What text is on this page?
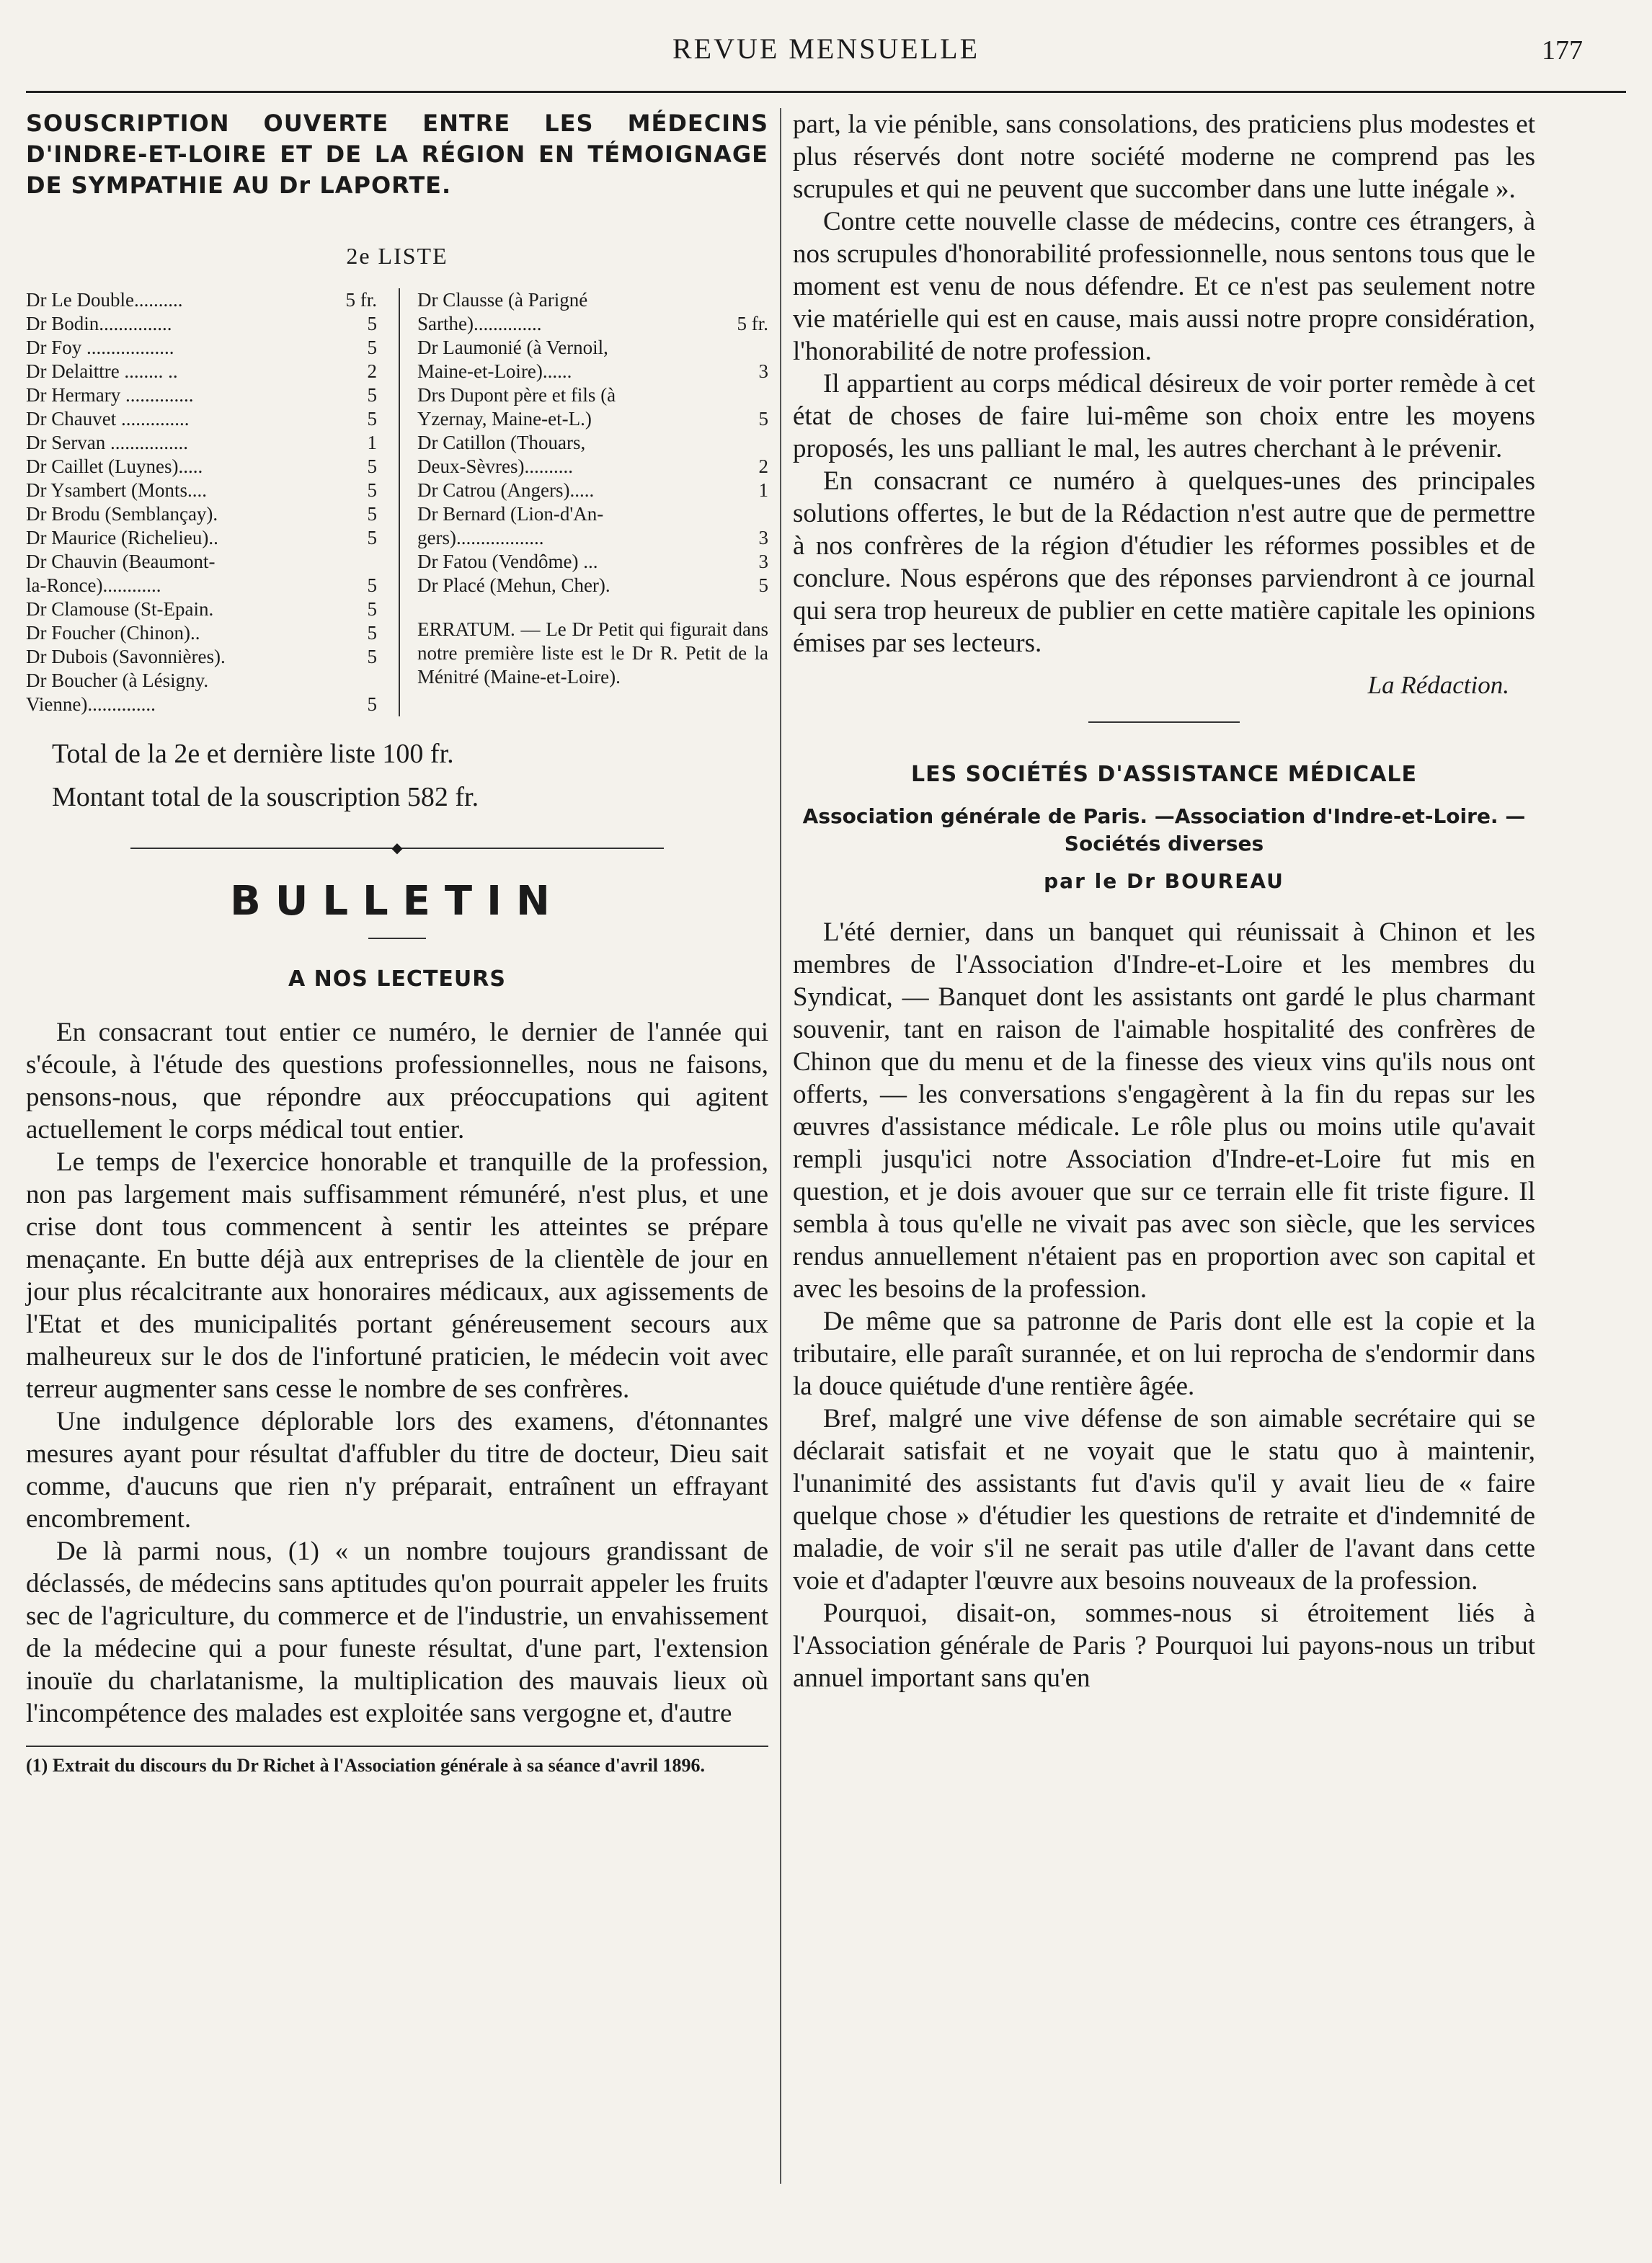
REVUE MENSUELLE	177
SOUSCRIPTION OUVERTE ENTRE LES MÉDECINS D'INDRE-ET-LOIRE ET DE LA RÉGION EN TÉMOIGNAGE DE SYMPATHIE AU Dr LAPORTE.
2e LISTE
Dr Le Double..........	5 fr.
Dr Bodin...............	5
Dr Foy ..................	5
Dr Delaittre ........ ..	2
Dr Hermary ..............	5
Dr Chauvet ..............	5
Dr Servan ................	1
Dr Caillet (Luynes).....	5
Dr Ysambert (Monts....	5
Dr Brodu (Semblançay).	5
Dr Maurice (Richelieu)..	5
Dr Chauvin (Beaumont-
la-Ronce)............	5
Dr Clamouse (St-Epain.	5
Dr Foucher (Chinon)..	5
Dr Dubois (Savonnières).	5
Dr Boucher (à Lésigny.
Vienne)..............	5
Dr Clausse (à Parigné
Sarthe)..............	5 fr.
Dr Laumonié (à Vernoil,
Maine-et-Loire)......	3
Drs Dupont père et fils (à
Yzernay, Maine-et-L.)	5
Dr Catillon (Thouars,
Deux-Sèvres)..........	2
Dr Catrou (Angers).....	1
Dr Bernard (Lion-d'An-
gers)..................	3
Dr Fatou (Vendôme) ...	3
Dr Placé (Mehun, Cher).	5
ERRATUM. — Le Dr Petit qui figurait dans notre première liste est le Dr R. Petit de la Ménitré (Maine-et-Loire).
Total de la 2e et dernière liste 100 fr.
Montant total de la souscription 582 fr.
◆
BULLETIN
A NOS LECTEURS

En consacrant tout entier ce numéro, le dernier de l'année qui s'écoule, à l'étude des questions professionnelles, nous ne faisons, pensons-nous, que répondre aux préoccupations qui agitent actuellement le corps médical tout entier.

Le temps de l'exercice honorable et tranquille de la profession, non pas largement mais suffisamment rémunéré, n'est plus, et une crise dont tous commencent à sentir les atteintes se prépare menaçante. En butte déjà aux entreprises de la clientèle de jour en jour plus récalcitrante aux honoraires médicaux, aux agissements de l'Etat et des municipalités portant généreusement secours aux malheureux sur le dos de l'infortuné praticien, le médecin voit avec terreur augmenter sans cesse le nombre de ses confrères.

Une indulgence déplorable lors des examens, d'étonnantes mesures ayant pour résultat d'affubler du titre de docteur, Dieu sait comme, d'aucuns que rien n'y préparait, entraînent un effrayant encombrement.

De là parmi nous, (1) « un nombre toujours grandissant de déclassés, de médecins sans aptitudes qu'on pourrait appeler les fruits sec de l'agriculture, du commerce et de l'industrie, un envahissement de la médecine qui a pour funeste résultat, d'une part, l'extension inouïe du charlatanisme, la multiplication des mauvais lieux où l'incompétence des malades est exploitée sans vergogne et, d'autre

(1) Extrait du discours du Dr Richet à l'Association générale à sa séance d'avril 1896.

part, la vie pénible, sans consolations, des praticiens plus modestes et plus réservés dont notre société moderne ne comprend pas les scrupules et qui ne peuvent que succomber dans une lutte inégale ».

Contre cette nouvelle classe de médecins, contre ces étrangers, à nos scrupules d'honorabilité professionnelle, nous sentons tous que le moment est venu de nous défendre. Et ce n'est pas seulement notre vie matérielle qui est en cause, mais aussi notre propre considération, l'honorabilité de notre profession.

Il appartient au corps médical désireux de voir porter remède à cet état de choses de faire lui-même son choix entre les moyens proposés, les uns palliant le mal, les autres cherchant à le prévenir.

En consacrant ce numéro à quelques-unes des principales solutions offertes, le but de la Rédaction n'est autre que de permettre à nos confrères de la région d'étudier les réformes possibles et de conclure. Nous espérons que des réponses parviendront à ce journal qui sera trop heureux de publier en cette matière capitale les opinions émises par ses lecteurs.

La Rédaction.
LES SOCIÉTÉS D'ASSISTANCE MÉDICALE
Association générale de Paris. —Association d'Indre-et-Loire. — Sociétés diverses
par le Dr BOUREAU

L'été dernier, dans un banquet qui réunissait à Chinon et les membres de l'Association d'Indre-et-Loire et les membres du Syndicat, — Banquet dont les assistants ont gardé le plus charmant souvenir, tant en raison de l'aimable hospitalité des confrères de Chinon que du menu et de la finesse des vieux vins qu'ils nous ont offerts, — les conversations s'engagèrent à la fin du repas sur les œuvres d'assistance médicale. Le rôle plus ou moins utile qu'avait rempli jusqu'ici notre Association d'Indre-et-Loire fut mis en question, et je dois avouer que sur ce terrain elle fit triste figure. Il sembla à tous qu'elle ne vivait pas avec son siècle, que les services rendus annuellement n'étaient pas en proportion avec son capital et avec les besoins de la profession.

De même que sa patronne de Paris dont elle est la copie et la tributaire, elle paraît surannée, et on lui reprocha de s'endormir dans la douce quiétude d'une rentière âgée.

Bref, malgré une vive défense de son aimable secrétaire qui se déclarait satisfait et ne voyait que le statu quo à maintenir, l'unanimité des assistants fut d'avis qu'il y avait lieu de « faire quelque chose » d'étudier les questions de retraite et d'indemnité de maladie, de voir s'il ne serait pas utile d'aller de l'avant dans cette voie et d'adapter l'œuvre aux besoins nouveaux de la profession.

Pourquoi, disait-on, sommes-nous si étroitement liés à l'Association générale de Paris ? Pourquoi lui payons-nous un tribut annuel important sans qu'en
